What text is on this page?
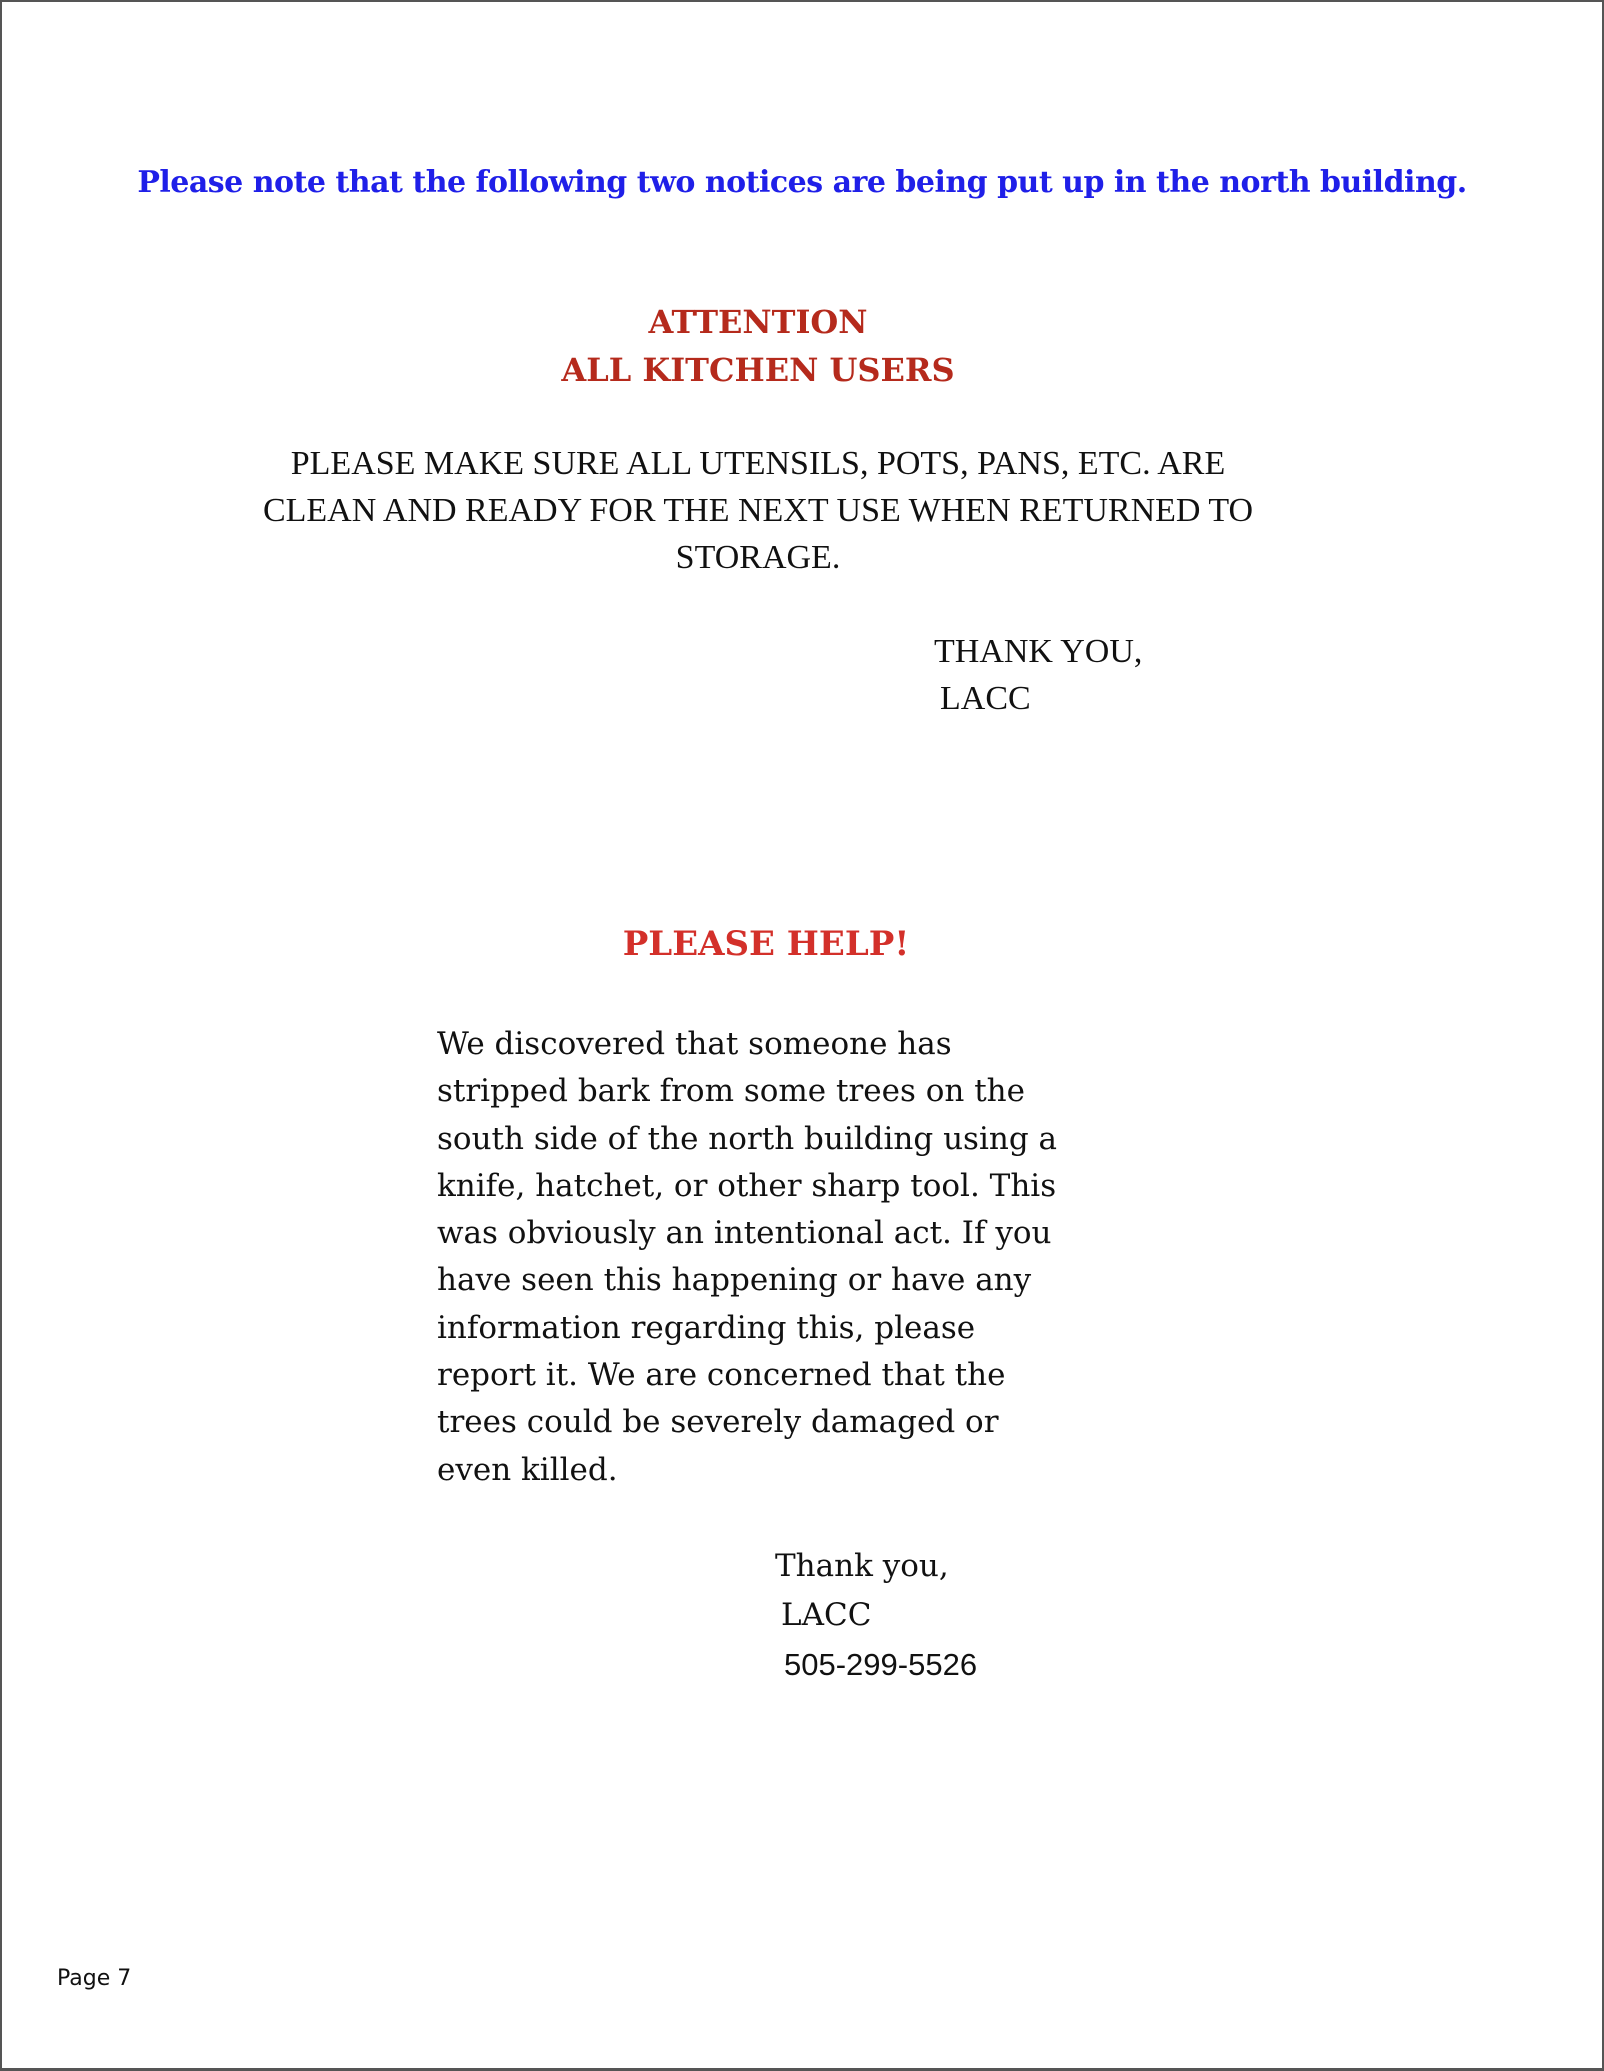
Please note that the following two notices are being put up in the north building.
ATTENTION
ALL KITCHEN USERS
PLEASE MAKE SURE ALL UTENSILS, POTS, PANS, ETC. ARE
CLEAN AND READY FOR THE NEXT USE WHEN RETURNED TO
STORAGE.
THANK YOU,
LACC
PLEASE HELP!
We discovered that someone has
stripped bark from some trees on the
south side of the north building using a
knife, hatchet, or other sharp tool. This
was obviously an intentional act. If you
have seen this happening or have any
information regarding this, please
report it. We are concerned that the
trees could be severely damaged or
even killed.
Thank you,
LACC
505-299-5526
Page 7
